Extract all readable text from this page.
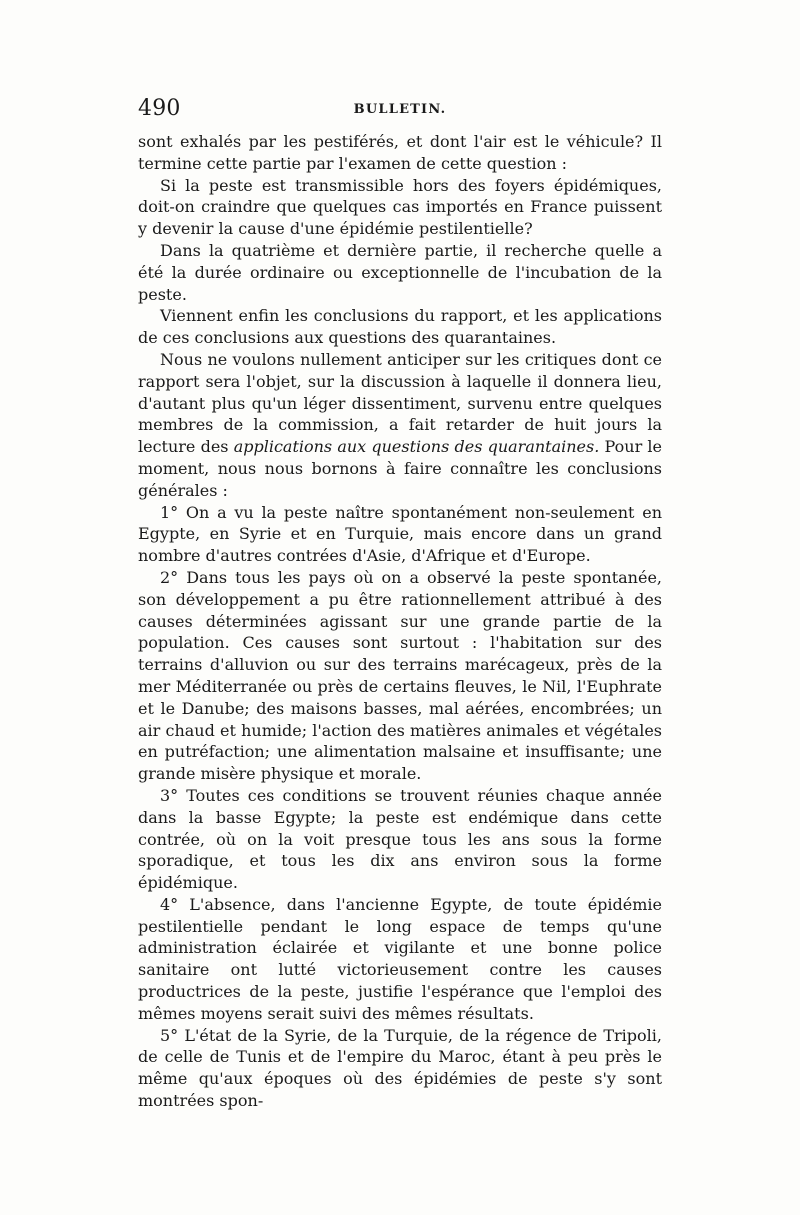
490	BULLETIN.

sont exhalés par les pestiférés, et dont l'air est le véhicule? Il termine cette partie par l'examen de cette question :

Si la peste est transmissible hors des foyers épidémiques, doit-on craindre que quelques cas importés en France puissent y devenir la cause d'une épidémie pestilentielle?

Dans la quatrième et dernière partie, il recherche quelle a été la durée ordinaire ou exceptionnelle de l'incubation de la peste.

Viennent enfin les conclusions du rapport, et les applications de ces conclusions aux questions des quarantaines.

Nous ne voulons nullement anticiper sur les critiques dont ce rapport sera l'objet, sur la discussion à laquelle il donnera lieu, d'autant plus qu'un léger dissentiment, survenu entre quelques membres de la commission, a fait retarder de huit jours la lecture des applications aux questions des quarantaines. Pour le moment, nous nous bornons à faire connaître les conclusions générales :

1° On a vu la peste naître spontanément non-seulement en Egypte, en Syrie et en Turquie, mais encore dans un grand nombre d'autres contrées d'Asie, d'Afrique et d'Europe.

2° Dans tous les pays où on a observé la peste spontanée, son développement a pu être rationnellement attribué à des causes déterminées agissant sur une grande partie de la population. Ces causes sont surtout : l'habitation sur des terrains d'alluvion ou sur des terrains marécageux, près de la mer Méditerranée ou près de certains fleuves, le Nil, l'Euphrate et le Danube; des maisons basses, mal aérées, encombrées; un air chaud et humide; l'action des matières animales et végétales en putréfaction; une alimentation malsaine et insuffisante; une grande misère physique et morale.

3° Toutes ces conditions se trouvent réunies chaque année dans la basse Egypte; la peste est endémique dans cette contrée, où on la voit presque tous les ans sous la forme sporadique, et tous les dix ans environ sous la forme épidémique.

4° L'absence, dans l'ancienne Egypte, de toute épidémie pestilentielle pendant le long espace de temps qu'une administration éclairée et vigilante et une bonne police sanitaire ont lutté victorieusement contre les causes productrices de la peste, justifie l'espérance que l'emploi des mêmes moyens serait suivi des mêmes résultats.

5° L'état de la Syrie, de la Turquie, de la régence de Tripoli, de celle de Tunis et de l'empire du Maroc, étant à peu près le même qu'aux époques où des épidémies de peste s'y sont montrées spon-
